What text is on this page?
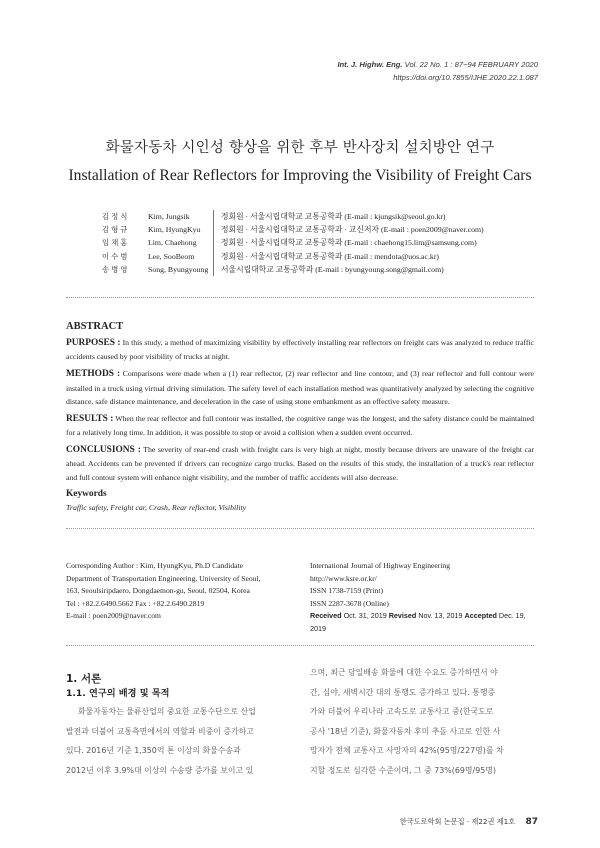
Int. J. Highw. Eng. Vol. 22 No. 1 : 87~94 FEBRUARY 2020
https://doi.org/10.7855/IJHE.2020.22.1.087
화물자동차 시인성 향상을 위한 후부 반사장치 설치방안 연구
Installation of Rear Reflectors for Improving the Visibility of Freight Cars
김정식	Kim, Jungsik	정회원 · 서울시립대학교 교통공학과 (E-mail : kjungsik@seoul.go.kr)
김형규	Kim, HyungKyu	정회원 · 서울시립대학교 교통공학과 · 교신저자 (E-mail : poen2009@naver.com)
임채홍	Lim, Chaehong	정회원 · 서울시립대학교 교통공학과 (E-mail : chaehong15.lim@samsung.com)
이수범	Lee, SooBeom	정회원 · 서울시립대학교 교통공학과 (E-mail : mendota@uos.ac.kr)
송병영	Song, Byungyoung	서울시립대학교 교통공학과 (E-mail : byungyoung.song@gmail.com)
ABSTRACT

PURPOSES : In this study, a method of maximizing visibility by effectively installing rear reflectors on freight cars was analyzed to reduce traffic accidents caused by poor visibility of trucks at night.

METHODS : Comparisons were made when a (1) rear reflector, (2) rear reflector and line contour, and (3) rear reflector and full contour were installed in a truck using virtual driving simulation. The safety level of each installation method was quantitatively analyzed by selecting the cognitive distance, safe distance maintenance, and deceleration in the case of using stone embankment as an effective safety measure.

RESULTS : When the rear reflector and full contour was installed, the cognitive range was the longest, and the safety distance could be maintained for a relatively long time. In addition, it was possible to stop or avoid a collision when a sudden event occurred.

CONCLUSIONS : The severity of rear-end crash with freight cars is very high at night, mostly because drivers are unaware of the freight car ahead. Accidents can be prevented if drivers can recognize cargo trucks. Based on the results of this study, the installation of a truck's rear reflector and full contour system will enhance night visibility, and the number of traffic accidents will also decrease.

Keywords
Traffic safety, Freight car, Crash, Rear reflector, Visibility
Corresponding Author : Kim, HyungKyu, Ph.D Candidate
Department of Transportation Engineering, University of Seoul,
163, Seoulsiripdaero, Dongdaemon-gu, Seoul, 02504, Korea
Tel : +82.2.6490.5662 Fax : +82.2.6490.2819
E-mail : poen2009@naver.com
International Journal of Highway Engineering
http://www.ksre.or.kr/
ISSN 1738-7159 (Print)
ISSN 2287-3678 (Online)
Received Oct. 31, 2019 Revised Nov. 13, 2019 Accepted Dec. 19, 2019
1. 서론
1.1. 연구의 배경 및 목적
화물자동차는 물류산업의 중요한 교통수단으로 산업
발전과 더불어 교통측면에서의 역할과 비중이 증가하고
있다. 2016년 기준 1,350억 톤 이상의 화물수송과
2012년 이후 3.9%대 이상의 수송량 증가를 보이고 있
으며, 최근 당일배송 화물에 대한 수요도 증가하면서 야
간, 심야, 새벽시간 대의 통행도 증가하고 있다. 통행증
가와 더불어 우리나라 고속도로 교통사고 중(한국도로
공사 '18년 기준), 화물자동차 후미 추돌 사고로 인한 사
망자가 전체 교통사고 사망자의 42%(95명/227명)를 차
지할 정도로 심각한 수준이며, 그 중 73%(69명/95명)
한국도로학회 논문집 · 제22권 제1호 87
